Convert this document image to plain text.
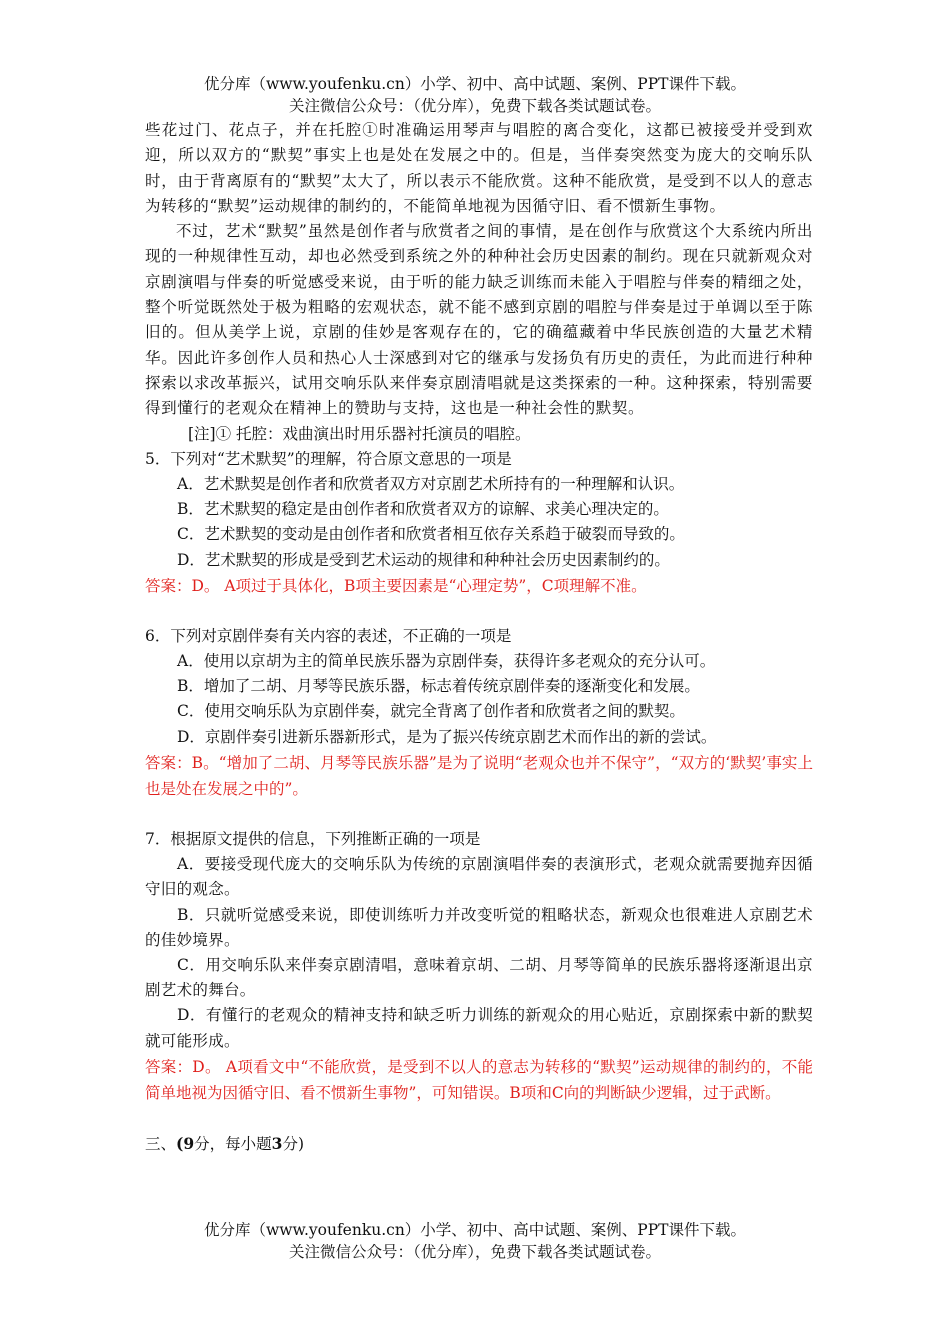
优分库（www.youfenku.cn）小学、初中、高中试题、案例、PPT课件下载。
关注微信公众号：（优分库），免费下载各类试题试卷。

些花过门、花点子，并在托腔①时准确运用琴声与唱腔的离合变化，这都已被接受并受到欢迎，所以双方的“默契”事实上也是处在发展之中的。但是，当伴奏突然变为庞大的交响乐队时，由于背离原有的“默契”太大了，所以表示不能欣赏。这种不能欣赏，是受到不以人的意志为转移的“默契”运动规律的制约的，不能简单地视为因循守旧、看不惯新生事物。

不过，艺术“默契”虽然是创作者与欣赏者之间的事情，是在创作与欣赏这个大系统内所出现的一种规律性互动，却也必然受到系统之外的种种社会历史因素的制约。现在只就新观众对京剧演唱与伴奏的听觉感受来说，由于听的能力缺乏训练而未能入于唱腔与伴奏的精细之处，整个听觉既然处于极为粗略的宏观状态，就不能不感到京剧的唱腔与伴奏是过于单调以至于陈旧的。但从美学上说，京剧的佳妙是客观存在的，它的确蕴藏着中华民族创造的大量艺术精华。因此许多创作人员和热心人士深感到对它的继承与发扬负有历史的责任，为此而进行种种探索以求改革振兴，试用交响乐队来伴奏京剧清唱就是这类探索的一种。这种探索，特别需要得到懂行的老观众在精神上的赞助与支持，这也是一种社会性的默契。

[注]① 托腔：戏曲演出时用乐器衬托演员的唱腔。

5．下列对“艺术默契”的理解，符合原文意思的一项是

A．艺术默契是创作者和欣赏者双方对京剧艺术所持有的一种理解和认识。

B．艺术默契的稳定是由创作者和欣赏者双方的谅解、求美心理决定的。

C．艺术默契的变动是由创作者和欣赏者相互依存关系趋于破裂而导致的。

D．艺术默契的形成是受到艺术运动的规律和种种社会历史因素制约的。

答案：D。 A项过于具体化，B项主要因素是“心理定势”，C项理解不准。

6．下列对京剧伴奏有关内容的表述，不正确的一项是

A．使用以京胡为主的简单民族乐器为京剧伴奏，获得许多老观众的充分认可。

B．增加了二胡、月琴等民族乐器，标志着传统京剧伴奏的逐渐变化和发展。

C．使用交响乐队为京剧伴奏，就完全背离了创作者和欣赏者之间的默契。

D．京剧伴奏引进新乐器新形式，是为了振兴传统京剧艺术而作出的新的尝试。

答案：B。“增加了二胡、月琴等民族乐器”是为了说明“老观众也并不保守”，“双方的‘默契’事实上也是处在发展之中的”。

7．根据原文提供的信息，下列推断正确的一项是

A．要接受现代庞大的交响乐队为传统的京剧演唱伴奏的表演形式，老观众就需要抛弃因循守旧的观念。

B．只就听觉感受来说，即使训练听力并改变听觉的粗略状态，新观众也很难进人京剧艺术的佳妙境界。

C．用交响乐队来伴奏京剧清唱，意味着京胡、二胡、月琴等简单的民族乐器将逐渐退出京剧艺术的舞台。

D．有懂行的老观众的精神支持和缺乏听力训练的新观众的用心贴近，京剧探索中新的默契就可能形成。

答案：D。 A项看文中“不能欣赏，是受到不以人的意志为转移的“默契”运动规律的制约的，不能简单地视为因循守旧、看不惯新生事物”，可知错误。B项和C向的判断缺少逻辑，过于武断。

三、(9分，每小题3分)

优分库（www.youfenku.cn）小学、初中、高中试题、案例、PPT课件下载。
关注微信公众号：（优分库），免费下载各类试题试卷。
